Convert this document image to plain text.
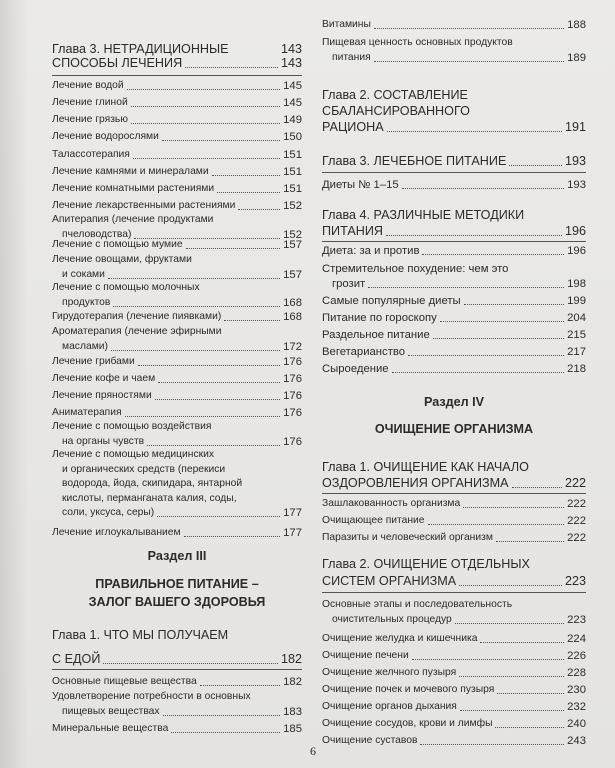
Глава 3. НЕТРАДИЦИОННЫЕ	143
СПОСОБЫ ЛЕЧЕНИЯ	143
Лечение водой	145
Лечение глиной	145
Лечение грязью	149
Лечение водорослями	150
Талассотерапия	151
Лечение камнями и минералами	151
Лечение комнатными растениями	151
Лечение лекарственными растениями	152
Апитерапия (лечение продуктами
пчеловодства)	152
Лечение с помощью мумие	157
Лечение овощами, фруктами
и соками	157
Лечение с помощью молочных
продуктов	168
Гирудотерапия (лечение пиявками)	168
Ароматерапия (лечение эфирными
маслами)	172
Лечение грибами	176
Лечение кофе и чаем	176
Лечение пряностями	176
Аниматерапия	176
Лечение с помощью воздействия
на органы чувств	176
Лечение с помощью медицинских
и органических средств (перекиси
водорода, йода, скипидара, янтарной
кислоты, перманганата калия, соды,
соли, уксуса, серы)	177
Лечение иглоукалыванием	177
Раздел III
ПРАВИЛЬНОЕ ПИТАНИЕ –
ЗАЛОГ ВАШЕГО ЗДОРОВЬЯ
Глава 1. ЧТО МЫ ПОЛУЧАЕМ
С ЕДОЙ	182
Основные пищевые вещества	182
Удовлетворение потребности в основных
пищевых веществах	183
Минеральные вещества	185
Витамины	188
Пищевая ценность основных продуктов
питания	189
Глава 2. СОСТАВЛЕНИЕ
СБАЛАНСИРОВАННОГО
РАЦИОНА	191
Глава 3. ЛЕЧЕБНОЕ ПИТАНИЕ	193
Диеты № 1–15	193
Глава 4. РАЗЛИЧНЫЕ МЕТОДИКИ
ПИТАНИЯ	196
Диета: за и против	196
Стремительное похудение: чем это
грозит	198
Самые популярные диеты	199
Питание по гороскопу	204
Раздельное питание	215
Вегетарианство	217
Сыроедение	218
Раздел IV
ОЧИЩЕНИЕ ОРГАНИЗМА
Глава 1. ОЧИЩЕНИЕ КАК НАЧАЛО
ОЗДОРОВЛЕНИЯ ОРГАНИЗМА	222
Зашлакованность организма	222
Очищающее питание	222
Паразиты и человеческий организм	222
Глава 2. ОЧИЩЕНИЕ ОТДЕЛЬНЫХ
СИСТЕМ ОРГАНИЗМА	223
Основные этапы и последовательность
очистительных процедур	223
Очищение желудка и кишечника	224
Очищение печени	226
Очищение желчного пузыря	228
Очищение почек и мочевого пузыря	230
Очищение органов дыхания	232
Очищение сосудов, крови и лимфы	240
Очищение суставов	243
6
